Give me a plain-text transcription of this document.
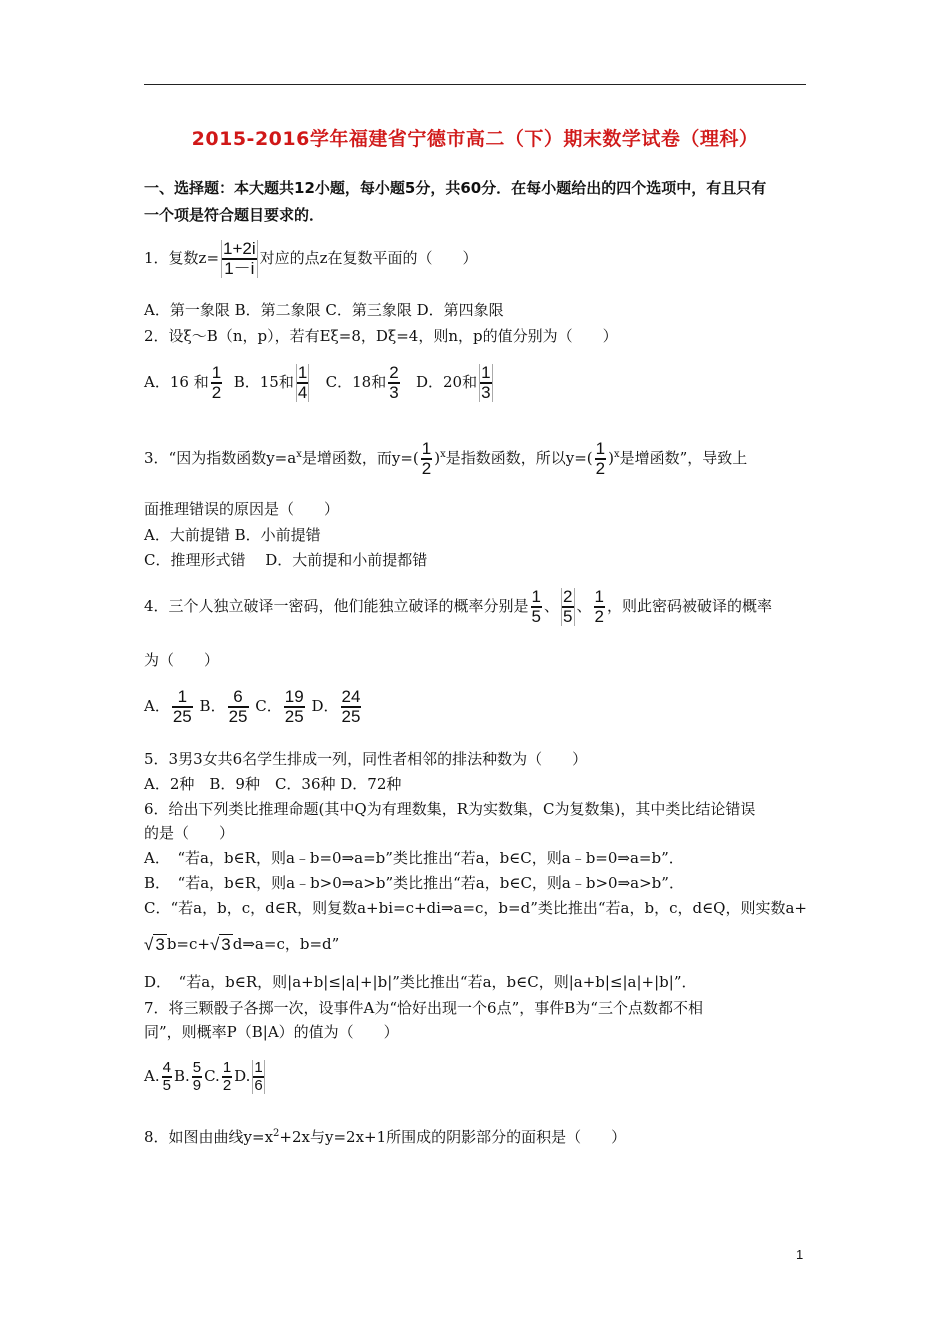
2015-2016学年福建省宁德市高二（下）期末数学试卷（理科）
一、选择题：本大题共12小题，每小题5分，共60分．在每小题给出的四个选项中，有且只有
一个项是符合题目要求的．
1．复数$z= \frac{1+2i}{1-i}$ 对应的点z在复数平面的（　　）
A．第一象限 B．第二象限 C．第三象限 D．第四象限
2．设ξ～B（n，p），若有Eξ=8，Dξ=4，则n，p的值分别为（　　）
A．16 和 $\frac{1}{2}$ B．15和 $\frac{1}{4}$ C．18和 $\frac{2}{3}$ D．20和 $\frac{1}{3}$
3．“因为指数函数$y=a^x$是增函数，而$y=( \frac{1}{2} )^x$是指数函数，所以$y=( \frac{1}{2} )^x$是增函数”，导致上
面推理错误的原因是（　　）
A．大前提错 B．小前提错
C．推理形式错　 D．大前提和小前提都错
4．三个人独立破译一密码，他们能独立破译的概率分别是 $\frac{1}{5}$ 、 $\frac{2}{5}$ 、 $\frac{1}{2}$ ，则此密码被破译的概率
为（　　）
A． $\frac{1}{25}$ B． $\frac{6}{25}$ C． $\frac{19}{25}$ D． $\frac{24}{25}$
5．3男3女共6名学生排成一列，同性者相邻的排法种数为（　　）
A．2种　B．9种　C．36种 D．72种
6．给出下列类比推理命题(其中Q为有理数集，R为实数集，C为复数集)，其中类比结论错误
的是（　　）
A．　“若a，b∈R，则a﹣b=0⇒a=b”类比推出“若a，b∈C，则a﹣b=0⇒a=b”．
B．　“若a，b∈R，则a﹣b>0⇒a>b”类比推出“若a，b∈C，则a﹣b>0⇒a>b”．
C．“若a，b，c，d∈R，则复数a+bi=c+di⇒a=c，b=d”类比推出“若a，b，c，d∈Q，则实数a+
√ 3 b=c+√ 3 d⇒a=c，b=d”
D．　“若a，b∈R，则|a+b|≤|a|+|b|”类比推出“若a，b∈C，则|a+b|≤|a|+|b|”．
7．将三颗骰子各掷一次，设事件A为“恰好出现一个6点”，事件B为“三个点数都不相
同”，则概率P（B|A）的值为（　　）
A. $\frac{4}{5} B$. $\frac{5}{9} C$. $\frac{1}{2} D$. $\frac{1}{6}$
8．如图由曲线$y=x^2+2x$与y=2x+1所围成的阴影部分的面积是（　　）
1
